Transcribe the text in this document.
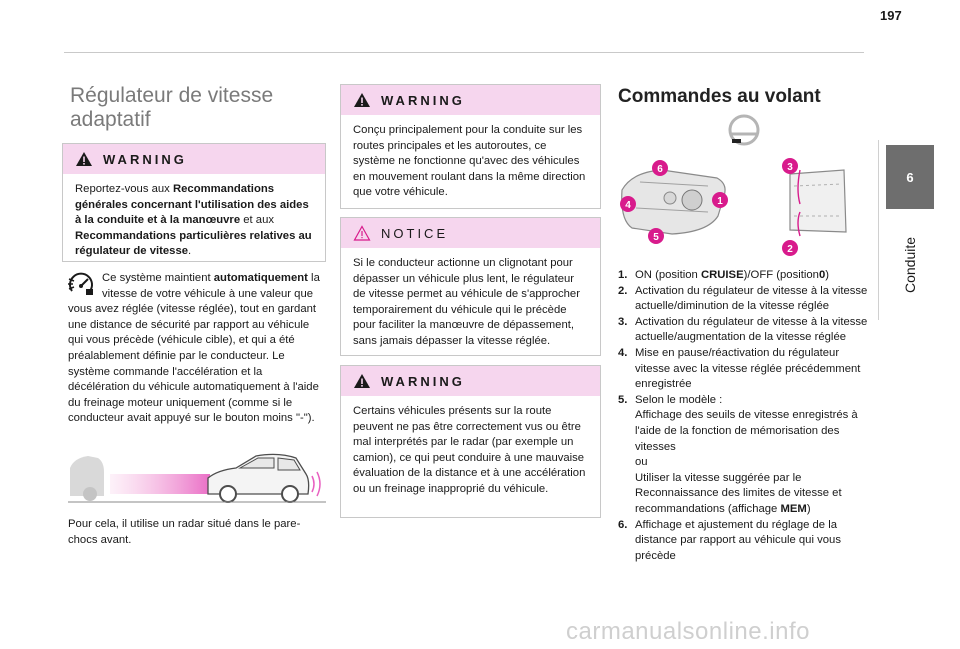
197
6
Conduite
Régulateur de vitesse adaptatif
WARNING
Reportez-vous aux Recommandations générales concernant l'utilisation des aides à la conduite et à la manœuvre et aux Recommandations particulières relatives au régulateur de vitesse.
Ce système maintient automatiquement la vitesse de votre véhicule à une valeur que vous avez réglée (vitesse réglée), tout en gardant une distance de sécurité par rapport au véhicule qui vous précède (véhicule cible), et qui a été préalablement définie par le conducteur. Le système commande l'accélération et la décélération du véhicule automatiquement à l'aide du freinage moteur uniquement (comme si le conducteur avait appuyé sur le bouton moins "-").
Pour cela, il utilise un radar situé dans le pare-chocs avant.
WARNING
Conçu principalement pour la conduite sur les routes principales et les autoroutes, ce système ne fonctionne qu'avec des véhicules en mouvement roulant dans la même direction que votre véhicule.
NOTICE
Si le conducteur actionne un clignotant pour dépasser un véhicule plus lent, le régulateur de vitesse permet au véhicule de s'approcher temporairement du véhicule qui le précède pour faciliter la manœuvre de dépassement, sans jamais dépasser la vitesse réglée.
WARNING
Certains véhicules présents sur la route peuvent ne pas être correctement vus ou être mal interprétés par le radar (par exemple un camion), ce qui peut conduire à une mauvaise évaluation de la distance et à une accélération ou un freinage inapproprié du véhicule.
Commandes au volant
6
4
5
1
3
2
1. ON (position CRUISE)/OFF (position0)
2. Activation du régulateur de vitesse à la vitesse actuelle/diminution de la vitesse réglée
3. Activation du régulateur de vitesse à la vitesse actuelle/augmentation de la vitesse réglée
4. Mise en pause/réactivation du régulateur vitesse avec la vitesse réglée précédemment enregistrée
5. Selon le modèle :
Affichage des seuils de vitesse enregistrés à l'aide de la fonction de mémorisation des vitesses
ou
Utiliser la vitesse suggérée par le Reconnaissance des limites de vitesse et recommandations (affichage MEM)
6. Affichage et ajustement du réglage de la distance par rapport au véhicule qui vous précède
carmanualsonline.info
